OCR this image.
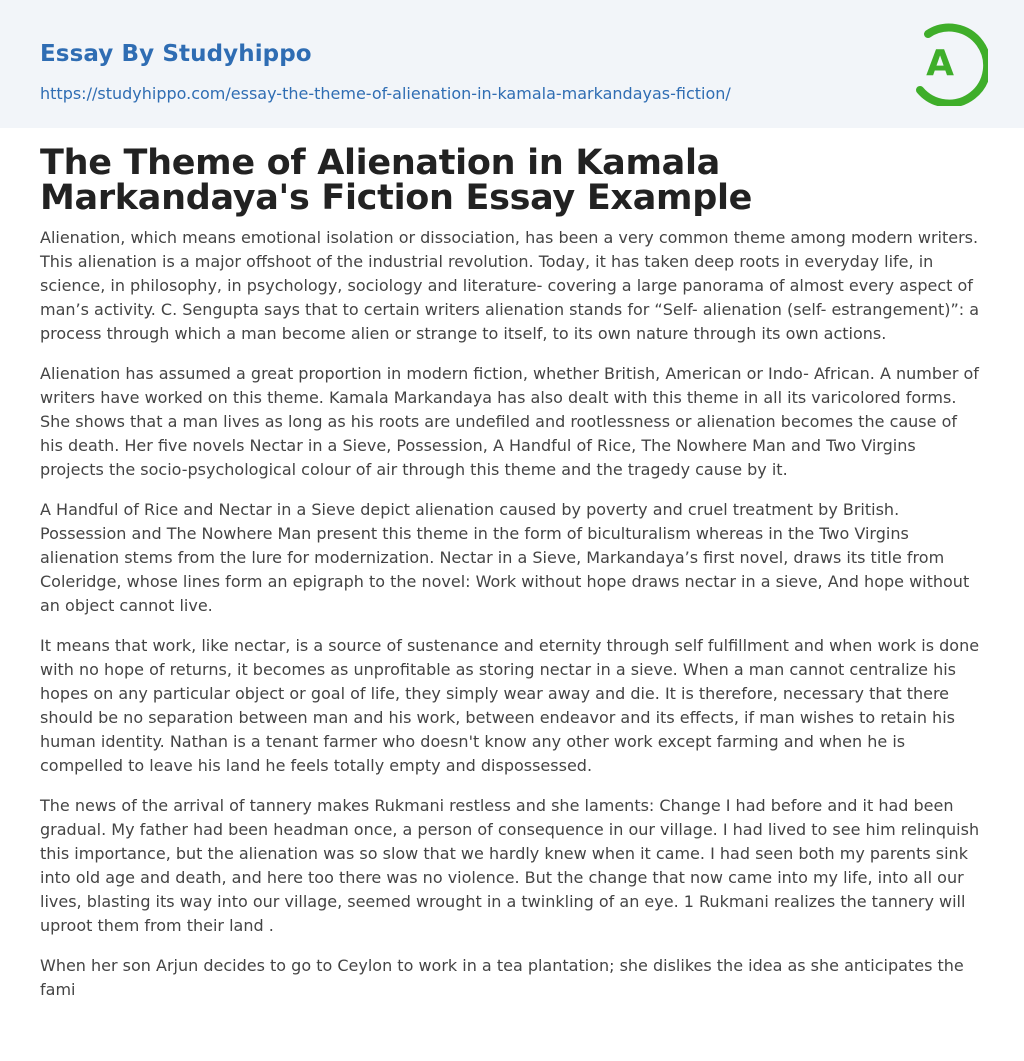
Essay By Studyhippo
https://studyhippo.com/essay-the-theme-of-alienation-in-kamala-markandayas-fiction/
A
The Theme of Alienation in Kamala Markandaya's Fiction Essay Example

Alienation, which means emotional isolation or dissociation, has been a very common theme among modern writers. This alienation is a major offshoot of the industrial revolution. Today, it has taken deep roots in everyday life, in science, in philosophy, in psychology, sociology and literature- covering a large panorama of almost every aspect of man’s activity. C. Sengupta says that to certain writers alienation stands for “Self- alienation (self- estrangement)”: a process through which a man become alien or strange to itself, to its own nature through its own actions.

Alienation has assumed a great proportion in modern fiction, whether British, American or Indo- African. A number of writers have worked on this theme. Kamala Markandaya has also dealt with this theme in all its varicolored forms. She shows that a man lives as long as his roots are undefiled and rootlessness or alienation becomes the cause of his death. Her five novels Nectar in a Sieve, Possession, A Handful of Rice, The Nowhere Man and Two Virgins projects the socio-psychological colour of air through this theme and the tragedy cause by it.

A Handful of Rice and Nectar in a Sieve depict alienation caused by poverty and cruel treatment by British. Possession and The Nowhere Man present this theme in the form of biculturalism whereas in the Two Virgins alienation stems from the lure for modernization. Nectar in a Sieve, Markandaya’s first novel, draws its title from Coleridge, whose lines form an epigraph to the novel: Work without hope draws nectar in a sieve, And hope without an object cannot live.

It means that work, like nectar, is a source of sustenance and eternity through self fulfillment and when work is done with no hope of returns, it becomes as unprofitable as storing nectar in a sieve. When a man cannot centralize his hopes on any particular object or goal of life, they simply wear away and die. It is therefore, necessary that there should be no separation between man and his work, between endeavor and its effects, if man wishes to retain his human identity. Nathan is a tenant farmer who doesn't know any other work except farming and when he is compelled to leave his land he feels totally empty and dispossessed.

The news of the arrival of tannery makes Rukmani restless and she laments: Change I had before and it had been gradual. My father had been headman once, a person of consequence in our village. I had lived to see him relinquish this importance, but the alienation was so slow that we hardly knew when it came. I had seen both my parents sink into old age and death, and here too there was no violence. But the change that now came into my life, into all our lives, blasting its way into our village, seemed wrought in a twinkling of an eye. 1 Rukmani realizes the tannery will uproot them from their land .

When her son Arjun decides to go to Ceylon to work in a tea plantation; she dislikes the idea as she anticipates the fami
